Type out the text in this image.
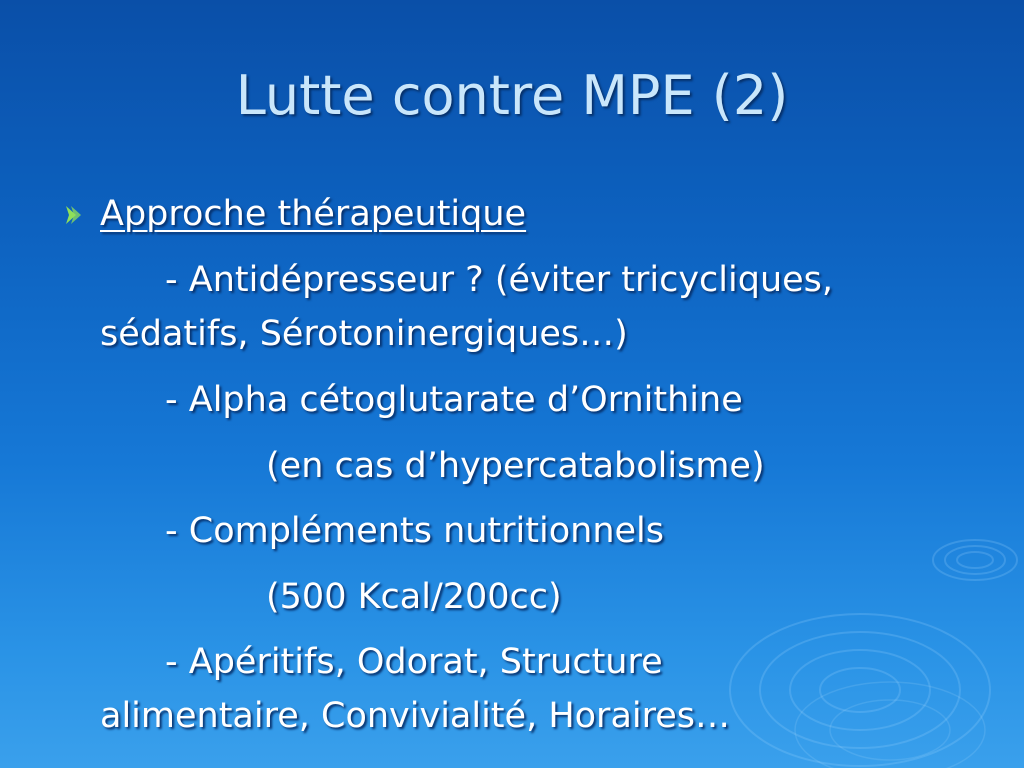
Lutte contre MPE (2)
Approche thérapeutique
- Antidépresseur ? (éviter tricycliques,
sédatifs, Sérotoninergiques…)
- Alpha cétoglutarate d’Ornithine
(en cas d’hypercatabolisme)
- Compléments nutritionnels
(500 Kcal/200cc)
- Apéritifs, Odorat, Structure
alimentaire, Convivialité, Horaires…
